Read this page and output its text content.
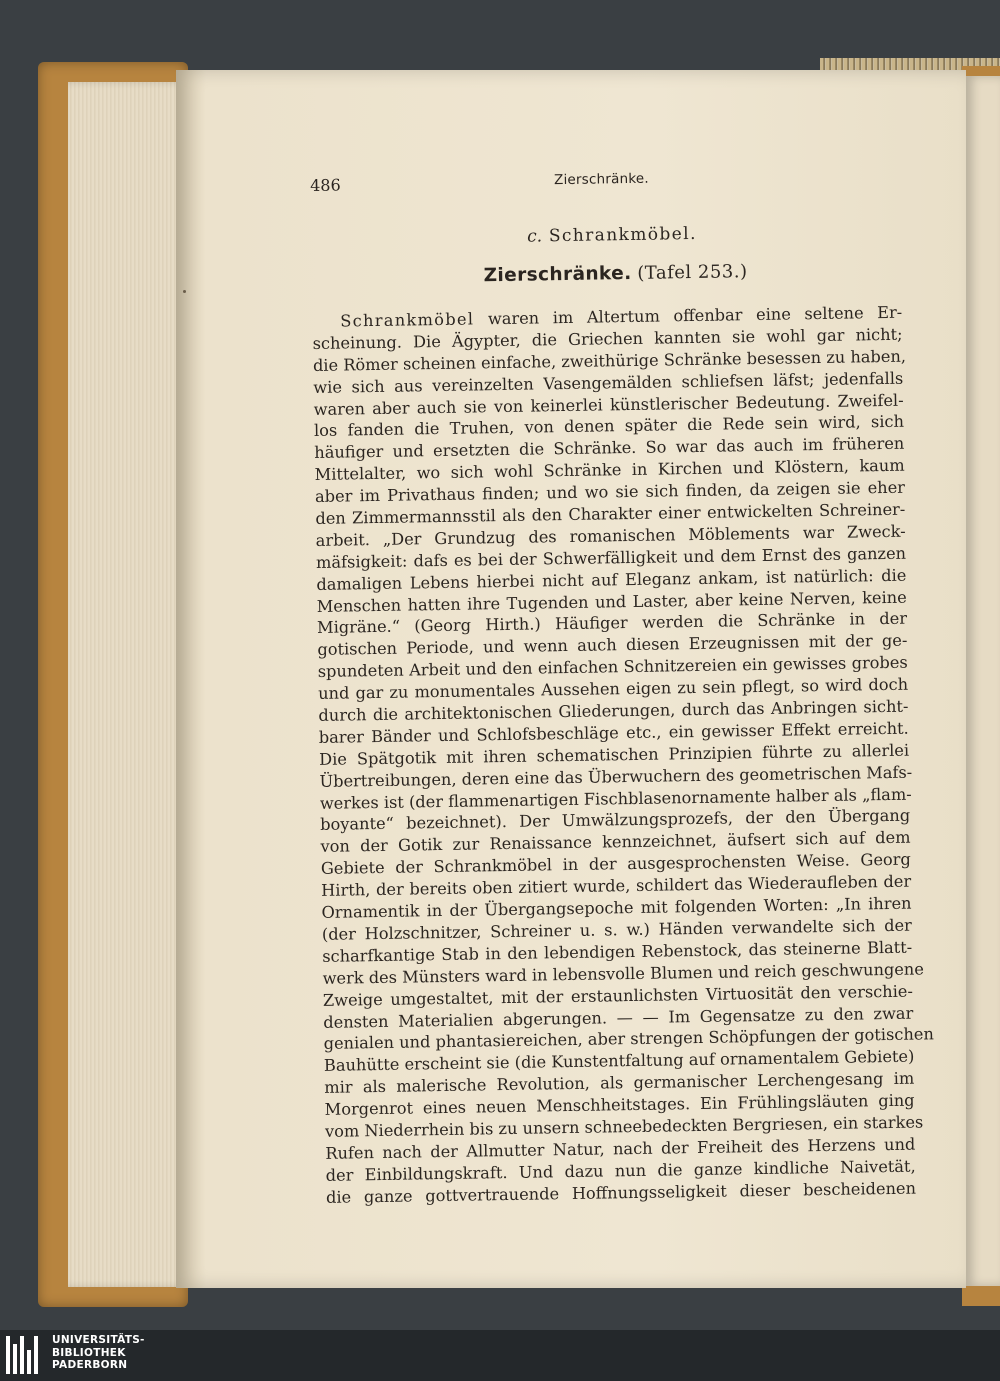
486	Zierschränke.
c. Schrankmöbel.
Zierschränke. (Tafel 253.)
Schrankmöbel waren im Altertum offenbar eine seltene Er-
scheinung. Die Ägypter, die Griechen kannten sie wohl gar nicht;
die Römer scheinen einfache, zweithürige Schränke besessen zu haben,
wie sich aus vereinzelten Vasengemälden schliefsen läfst; jedenfalls
waren aber auch sie von keinerlei künstlerischer Bedeutung. Zweifel-
los fanden die Truhen, von denen später die Rede sein wird, sich
häufiger und ersetzten die Schränke. So war das auch im früheren
Mittelalter, wo sich wohl Schränke in Kirchen und Klöstern, kaum
aber im Privathaus finden; und wo sie sich finden, da zeigen sie eher
den Zimmermannsstil als den Charakter einer entwickelten Schreiner-
arbeit. „Der Grundzug des romanischen Möblements war Zweck-
mäfsigkeit: dafs es bei der Schwerfälligkeit und dem Ernst des ganzen
damaligen Lebens hierbei nicht auf Eleganz ankam, ist natürlich: die
Menschen hatten ihre Tugenden und Laster, aber keine Nerven, keine
Migräne.“ (Georg Hirth.) Häufiger werden die Schränke in der
gotischen Periode, und wenn auch diesen Erzeugnissen mit der ge-
spundeten Arbeit und den einfachen Schnitzereien ein gewisses grobes
und gar zu monumentales Aussehen eigen zu sein pflegt, so wird doch
durch die architektonischen Gliederungen, durch das Anbringen sicht-
barer Bänder und Schlofsbeschläge etc., ein gewisser Effekt erreicht.
Die Spätgotik mit ihren schematischen Prinzipien führte zu allerlei
Übertreibungen, deren eine das Überwuchern des geometrischen Mafs-
werkes ist (der flammenartigen Fischblasenornamente halber als „flam-
boyante“ bezeichnet). Der Umwälzungsprozefs, der den Übergang
von der Gotik zur Renaissance kennzeichnet, äufsert sich auf dem
Gebiete der Schrankmöbel in der ausgesprochensten Weise. Georg
Hirth, der bereits oben zitiert wurde, schildert das Wiederaufleben der
Ornamentik in der Übergangsepoche mit folgenden Worten: „In ihren
(der Holzschnitzer, Schreiner u. s. w.) Händen verwandelte sich der
scharfkantige Stab in den lebendigen Rebenstock, das steinerne Blatt-
werk des Münsters ward in lebensvolle Blumen und reich geschwungene
Zweige umgestaltet, mit der erstaunlichsten Virtuosität den verschie-
densten Materialien abgerungen. — — Im Gegensatze zu den zwar
genialen und phantasiereichen, aber strengen Schöpfungen der gotischen
Bauhütte erscheint sie (die Kunstentfaltung auf ornamentalem Gebiete)
mir als malerische Revolution, als germanischer Lerchengesang im
Morgenrot eines neuen Menschheitstages. Ein Frühlingsläuten ging
vom Niederrhein bis zu unsern schneebedeckten Bergriesen, ein starkes
Rufen nach der Allmutter Natur, nach der Freiheit des Herzens und
der Einbildungskraft. Und dazu nun die ganze kindliche Naivetät,
die ganze gottvertrauende Hoffnungsseligkeit dieser bescheidenen
UNIVERSITÄTS-
BIBLIOTHEK
PADERBORN
